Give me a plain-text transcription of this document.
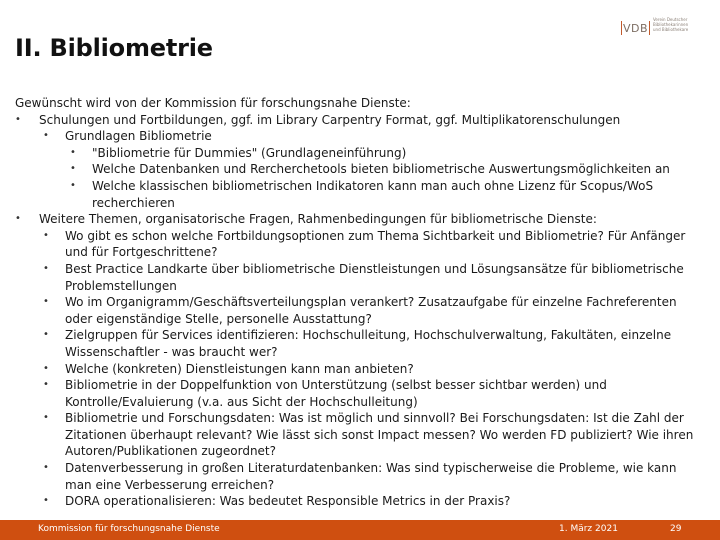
II. Bibliometrie
VDB
Verein Deutscher
Bibliothekarinnen
und Bibliothekare

Gewünscht wird von der Kommission für forschungsnahe Dienste:

• Schulungen und Fortbildungen, ggf. im Library Carpentry Format, ggf. Multiplikatorenschulungen
• Grundlagen Bibliometrie
• "Bibliometrie für Dummies" (Grundlageneinführung)
• Welche Datenbanken und Rercherchetools bieten bibliometrische Auswertungsmöglichkeiten an
• Welche klassischen bibliometrischen Indikatoren kann man auch ohne Lizenz für Scopus/WoS recherchieren
• Weitere Themen, organisatorische Fragen, Rahmenbedingungen für bibliometrische Dienste:
• Wo gibt es schon welche Fortbildungsoptionen zum Thema Sichtbarkeit und Bibliometrie? Für Anfänger und für Fortgeschrittene?
• Best Practice Landkarte über bibliometrische Dienstleistungen und Lösungsansätze für bibliometrische Problemstellungen
• Wo im Organigramm/Geschäftsverteilungsplan verankert? Zusatzaufgabe für einzelne Fachreferenten oder eigenständige Stelle, personelle Ausstattung?
• Zielgruppen für Services identifizieren: Hochschulleitung, Hochschulverwaltung, Fakultäten, einzelne Wissenschaftler - was braucht wer?
• Welche (konkreten) Dienstleistungen kann man anbieten?
• Bibliometrie in der Doppelfunktion von Unterstützung (selbst besser sichtbar werden) und Kontrolle/Evaluierung (v.a. aus Sicht der Hochschulleitung)
• Bibliometrie und Forschungsdaten: Was ist möglich und sinnvoll? Bei Forschungsdaten: Ist die Zahl der Zitationen überhaupt relevant? Wie lässt sich sonst Impact messen? Wo werden FD publiziert? Wie ihren Autoren/Publikationen zugeordnet?
• Datenverbesserung in großen Literaturdatenbanken: Was sind typischerweise die Probleme, wie kann man eine Verbesserung erreichen?
• DORA operationalisieren: Was bedeutet Responsible Metrics in der Praxis?
Kommission für forschungsnahe Dienste	1. März 2021	29
